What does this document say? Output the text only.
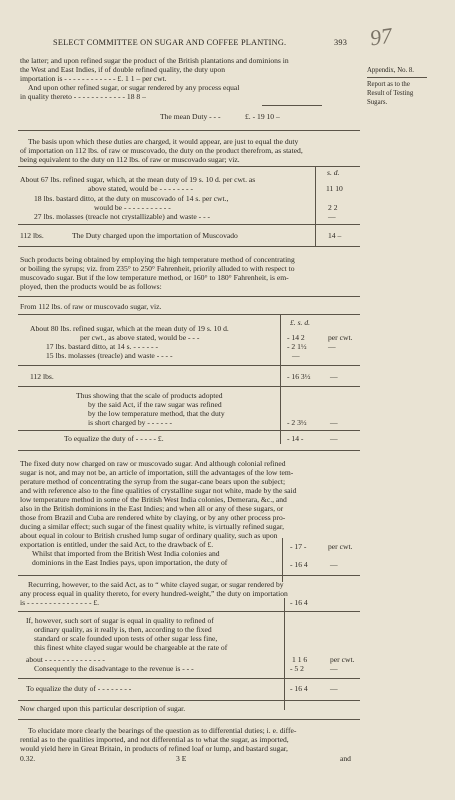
SELECT COMMITTEE ON SUGAR AND COFFEE PLANTING.	393 97
Appendix, No. 8.
Report as to the
Result of Testing
Sugars.
the latter; and upon refined sugar the product of the British plantations and dominions in
the West and East Indies, if of double refined quality, the duty upon
importation is - - - - - - - - - - - - £. 1 1 – per cwt.
And upon other refined sugar, or sugar rendered by any process equal
in quality thereto - - - - - - - - - - - - 18 8 –
The mean Duty - - -	£. - 19 10 –
The basis upon which these duties are charged, it would appear, are just to equal the duty
of importation on 112 lbs. of raw or muscovado, the duty on the product therefrom, as stated,
being equivalent to the duty on 112 lbs. of raw or muscovado sugar; viz.
s. d.
About 67 lbs. refined sugar, which, at the mean duty of 19 s. 10 d. per cwt. as
above stated, would be - - - - - - - -	11 10
18 lbs. bastard ditto, at the duty on muscovado of 14 s. per cwt.,
would be - - - - - - - - - - -	2 2
27 lbs. molasses (treacle not crystallizable) and waste - - -	—
112 lbs.	The Duty charged upon the importation of Muscovado	14 –
Such products being obtained by employing the high temperature method of concentrating
or boiling the syrups; viz. from 235° to 250° Fahrenheit, priorily alluded to with respect to
muscovado sugar. But if the low temperature method, or 160° to 180° Fahrenheit, is em-
ployed, then the products would be as follows:
From 112 lbs. of raw or muscovado sugar, viz.
£. s. d.
About 80 lbs. refined sugar, which at the mean duty of 19 s. 10 d.
per cwt., as above stated, would be - - -	- 14 2	per cwt.
17 lbs. bastard ditto, at 14 s. - - - - - -	- 2 1½	—
15 lbs. molasses (treacle) and waste - - - -	—
112 lbs.	- 16 3½	—
Thus showing that the scale of products adopted
by the said Act, if the raw sugar was refined
by the low temperature method, that the duty
is short charged by - - - - - -	- 2 3½	—
To equalize the duty of - - - - - £.	- 14 -	—
The fixed duty now charged on raw or muscovado sugar. And although colonial refined
sugar is not, and may not be, an article of importation, still the advantages of the low tem-
perature method of concentrating the syrup from the sugar-cane bears upon the subject;
and with reference also to the fine qualities of crystalline sugar not white, made by the said
low temperature method in some of the British West India colonies, Demerara, &c., and
also in the British dominions in the East Indies; and when all or any of these sugars, or
those from Brazil and Cuba are rendered white by claying, or by any other process pro-
ducing a similar effect; such sugar of the finest quality white, is virtually refined sugar,
about equal in colour to British crushed lump sugar of ordinary quality, such as upon
exportation is entitled, under the said Act, to the drawback of £.	- 17 -	per cwt.
Whilst that imported from the British West India colonies and
dominions in the East Indies pays, upon importation, the duty of	- 16 4	—
Recurring, however, to the said Act, as to “ white clayed sugar, or sugar rendered by
any process equal in quality thereto, for every hundred-weight,” the duty on importation
is - - - - - - - - - - - - - - - £.	- 16 4
If, however, such sort of sugar is equal in quality to refined of
ordinary quality, as it really is, then, according to the fixed
standard or scale founded upon tests of other sugar less fine,
this finest white clayed sugar would be chargeable at the rate of
about - - - - - - - - - - - - - -	1 1 6	per cwt.
Consequently the disadvantage to the revenue is - - -	- 5 2	—
To equalize the duty of - - - - - - - -	- 16 4	—
Now charged upon this particular description of sugar.
To elucidate more clearly the bearings of the question as to differential duties; i. e. diffe-
rential as to the qualities imported, and not differential as to what the sugar, as imported,
would yield here in Great Britain, in products of refined loaf or lump, and bastard sugar,
0.32.	3 E	and
